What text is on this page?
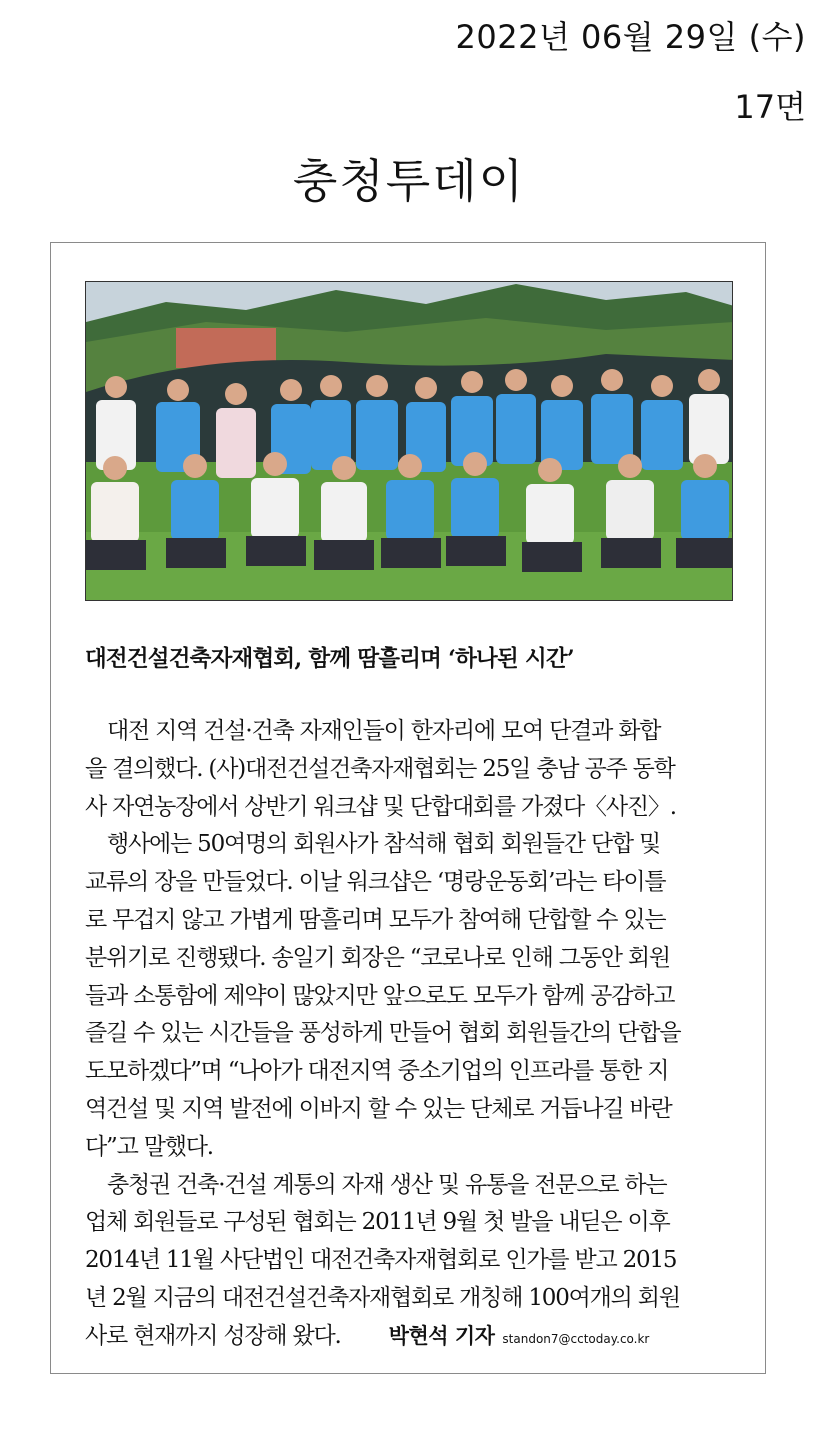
2022년 06월 29일 (수)
17면
충청투데이
대전건설건축자재협회, 함께 땀흘리며 ‘하나된 시간’
대전 지역 건설·건축 자재인들이 한자리에 모여 단결과 화합
을 결의했다. (사)대전건설건축자재협회는 25일 충남 공주 동학
사 자연농장에서 상반기 워크샵 및 단합대회를 가졌다〈사진〉.
행사에는 50여명의 회원사가 참석해 협회 회원들간 단합 및
교류의 장을 만들었다. 이날 워크샵은 ‘명랑운동회’라는 타이틀
로 무겁지 않고 가볍게 땀흘리며 모두가 참여해 단합할 수 있는
분위기로 진행됐다. 송일기 회장은 “코로나로 인해 그동안 회원
들과 소통함에 제약이 많았지만 앞으로도 모두가 함께 공감하고
즐길 수 있는 시간들을 풍성하게 만들어 협회 회원들간의 단합을
도모하겠다”며 “나아가 대전지역 중소기업의 인프라를 통한 지
역건설 및 지역 발전에 이바지 할 수 있는 단체로 거듭나길 바란
다”고 말했다.
충청권 건축·건설 계통의 자재 생산 및 유통을 전문으로 하는
업체 회원들로 구성된 협회는 2011년 9월 첫 발을 내딛은 이후
2014년 11월 사단법인 대전건축자재협회로 인가를 받고 2015
년 2월 지금의 대전건설건축자재협회로 개칭해 100여개의 회원
사로 현재까지 성장해 왔다. 박현석 기자 standon7@cctoday.co.kr
